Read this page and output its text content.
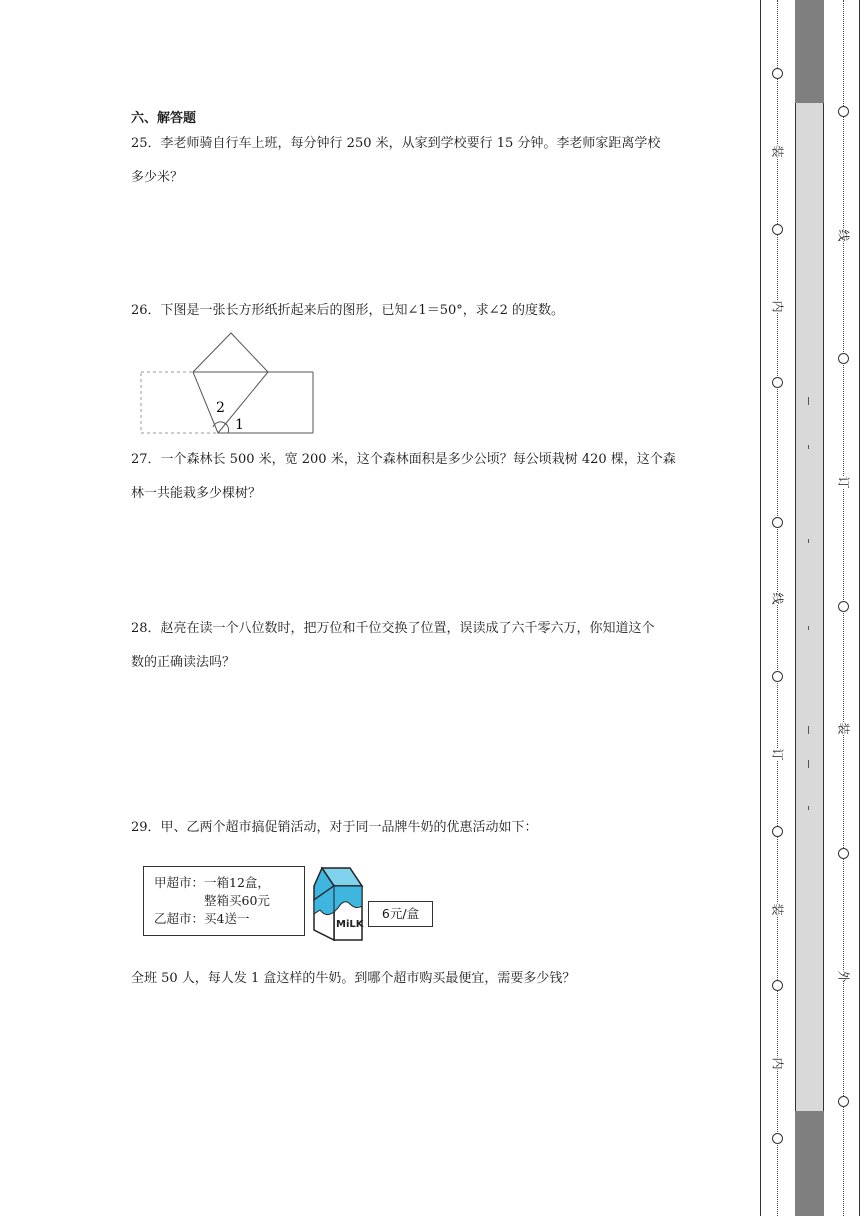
六、解答题

25．李老师骑自行车上班，每分钟行 250 米，从家到学校要行 15 分钟。李老师家距离学校

多少米？

26．下图是一张长方形纸折起来后的图形，已知∠1＝50°，求∠2 的度数。

2
1

27．一个森林长 500 米，宽 200 米，这个森林面积是多少公顷？每公顷栽树 420 棵，这个森

林一共能栽多少棵树？

28．赵亮在读一个八位数时，把万位和千位交换了位置，误读成了六千零六万，你知道这个

数的正确读法吗？

29．甲、乙两个超市搞促销活动，对于同一品牌牛奶的优惠活动如下：

甲超市：一箱12盒，
整箱买60元
乙超市：买4送一	MiLK
6元/盒
全班 50 人，每人发 1 盒这样的牛奶。到哪个超市购买最便宜，需要多少钱？
装
内
线
订
装
内
线
订
装
外
